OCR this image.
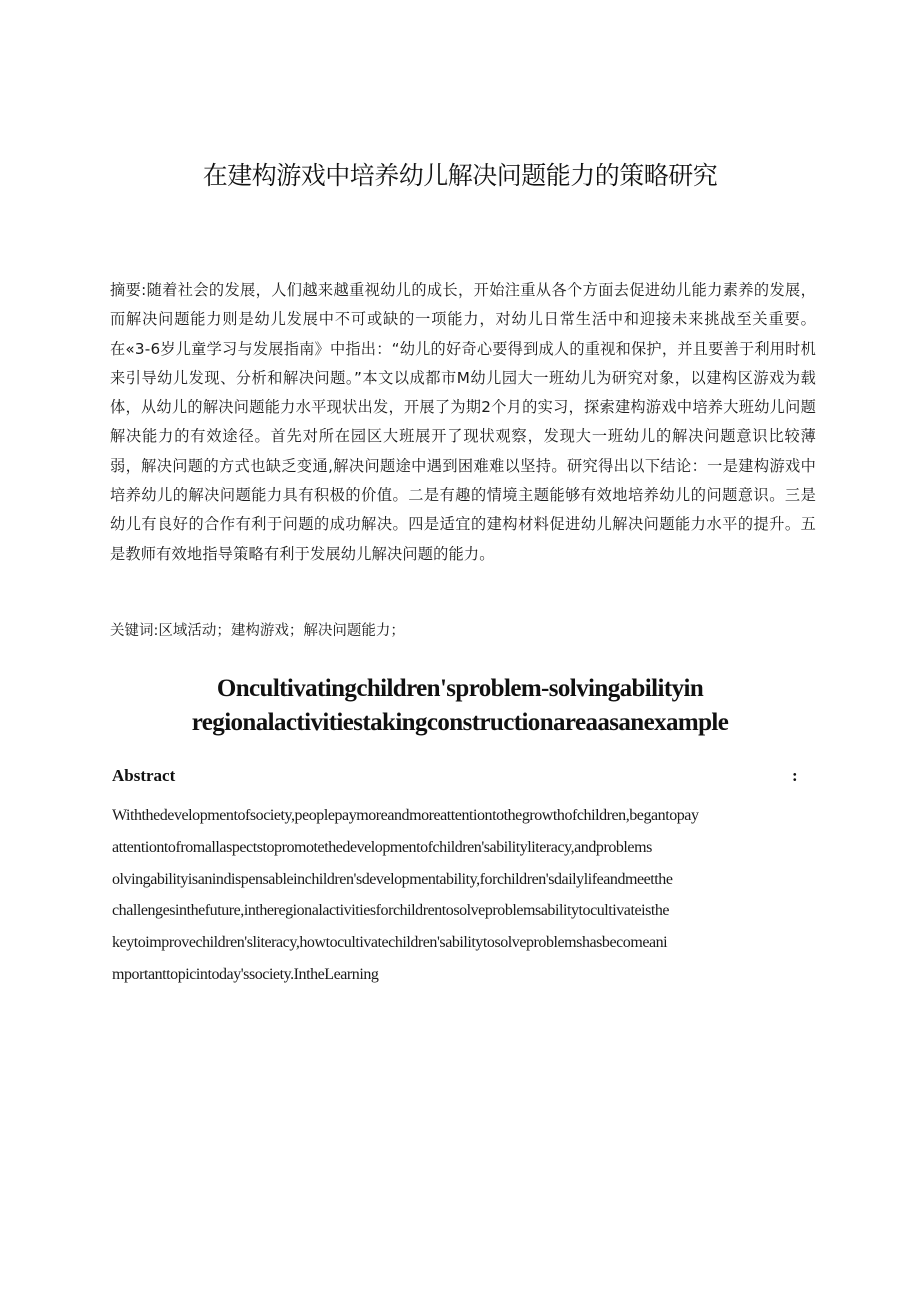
在建构游戏中培养幼儿解决问题能力的策略研究
摘要:随着社会的发展，人们越来越重视幼儿的成长，开始注重从各个方面去促进幼儿能力素养的发展，而解决问题能力则是幼儿发展中不可或缺的一项能力，对幼儿日常生活中和迎接未来挑战至关重要。在«3-6岁儿童学习与发展指南》中指出：“幼儿的好奇心要得到成人的重视和保护，并且要善于利用时机来引导幼儿发现、分析和解决问题。”本文以成都市M幼儿园大一班幼儿为研究对象，以建构区游戏为载体，从幼儿的解决问题能力水平现状出发，开展了为期2个月的实习，探索建构游戏中培养大班幼儿问题解决能力的有效途径。首先对所在园区大班展开了现状观察，发现大一班幼儿的解决问题意识比较薄弱，解决问题的方式也缺乏变通,解决问题途中遇到困难难以坚持。研究得出以下结论：一是建构游戏中培养幼儿的解决问题能力具有积极的价值。二是有趣的情境主题能够有效地培养幼儿的问题意识。三是幼儿有良好的合作有利于问题的成功解决。四是适宜的建构材料促进幼儿解决问题能力水平的提升。五是教师有效地指导策略有利于发展幼儿解决问题的能力。
关键词:区域活动；建构游戏；解决问题能力；
Oncultivatingchildren'sproblem-solvingabilityin
regionalactivitiestakingconstructionareaasanexample
Abstract	:
Withthedevelopmentofsociety,peoplepaymoreandmoreattentiontothegrowthofchildren,begantopay
attentiontofromallaspectstopromotethedevelopmentofchildren'sabilityliteracy,andproblems
olvingabilityisanindispensableinchildren'sdevelopmentability,forchildren'sdailylifeandmeetthe
challengesinthefuture,intheregionalactivitiesforchildrentosolveproblemsabilitytocultivateisthe
keytoimprovechildren'sliteracy,howtocultivatechildren'sabilitytosolveproblemshasbecomeani
mportanttopicintoday'ssociety.IntheLearning
